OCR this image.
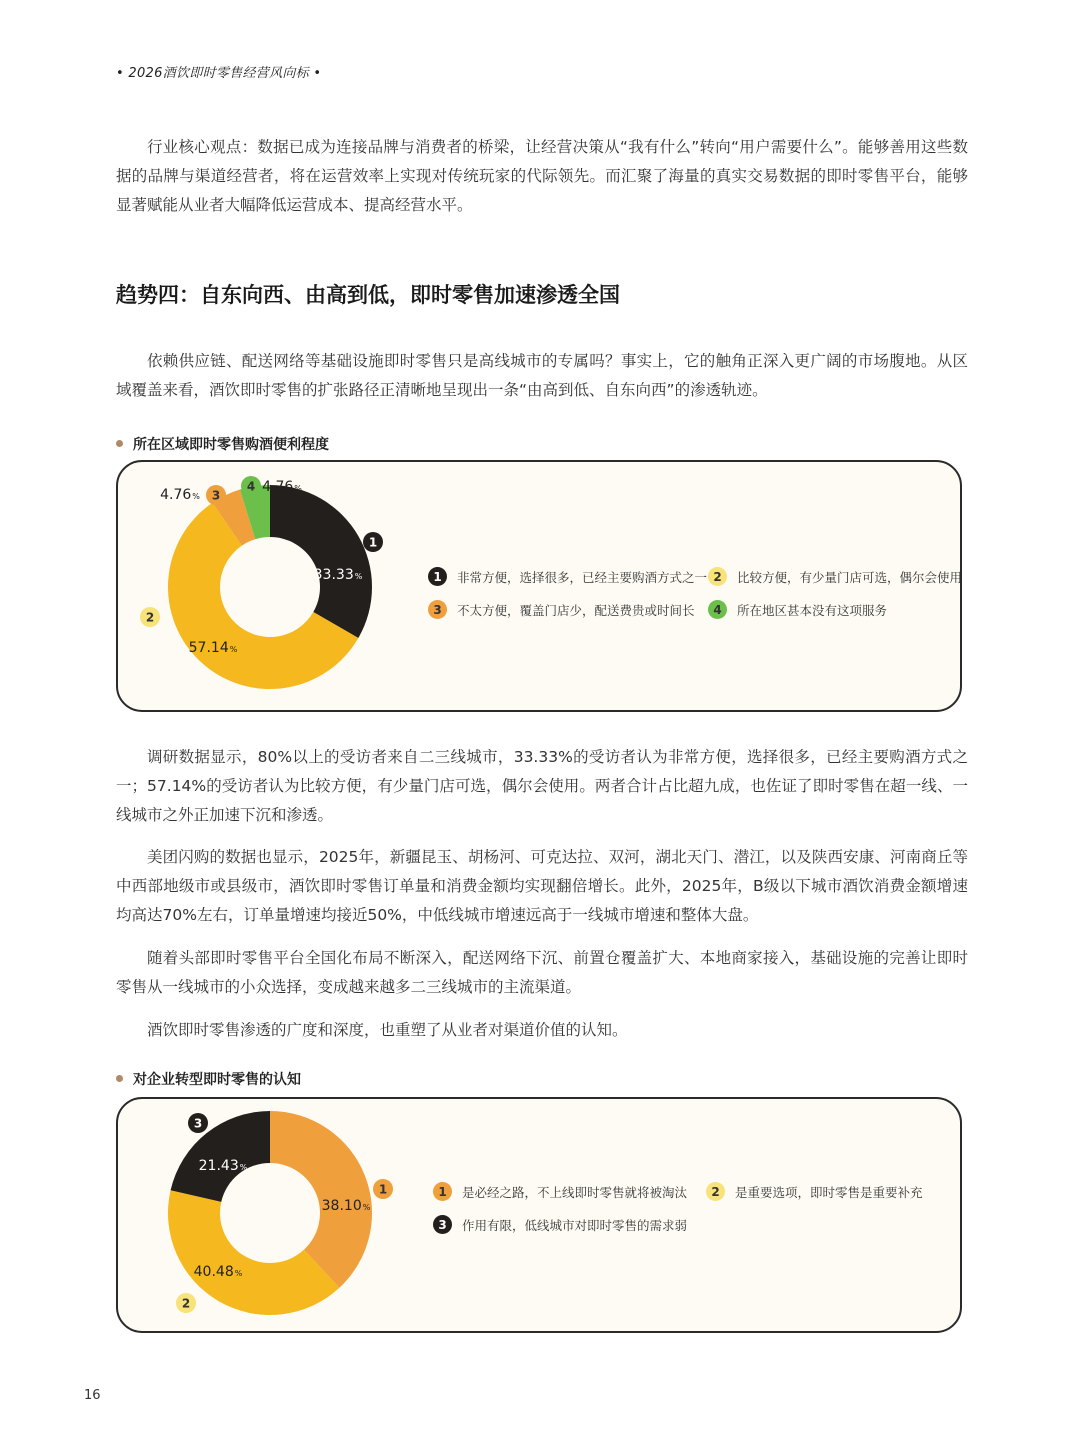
• 2026酒饮即时零售经营风向标 •

行业核心观点：数据已成为连接品牌与消费者的桥梁，让经营决策从“我有什么”转向“用户需要什么”。能够善用这些数据的品牌与渠道经营者，将在运营效率上实现对传统玩家的代际领先。而汇聚了海量的真实交易数据的即时零售平台，能够显著赋能从业者大幅降低运营成本、提高经营水平。

趋势四：自东向西、由高到低，即时零售加速渗透全国

依赖供应链、配送网络等基础设施即时零售只是高线城市的专属吗？事实上，它的触角正深入更广阔的市场腹地。从区域覆盖来看，酒饮即时零售的扩张路径正清晰地呈现出一条“由高到低、自东向西”的渗透轨迹。

所在区域即时零售购酒便利程度
33.33%
1
57.14%
2
4.76% 3
4.76%
4
1	非常方便，选择很多，已经主要购酒方式之一 2	比较方便，有少量门店可选，偶尔会使用
3	不太方便，覆盖门店少，配送费贵或时间长	4	所在地区甚本没有这项服务

调研数据显示，80%以上的受访者来自二三线城市，33.33%的受访者认为非常方便，选择很多，已经主要购酒方式之一；57.14%的受访者认为比较方便，有少量门店可选，偶尔会使用。两者合计占比超九成，也佐证了即时零售在超一线、一线城市之外正加速下沉和渗透。

美团闪购的数据也显示，2025年，新疆昆玉、胡杨河、可克达拉、双河，湖北天门、潜江，以及陕西安康、河南商丘等中西部地级市或县级市，酒饮即时零售订单量和消费金额均实现翻倍增长。此外，2025年，B级以下城市酒饮消费金额增速均高达70%左右，订单量增速均接近50%，中低线城市增速远高于一线城市增速和整体大盘。

随着头部即时零售平台全国化布局不断深入，配送网络下沉、前置仓覆盖扩大、本地商家接入，基础设施的完善让即时零售从一线城市的小众选择，变成越来越多二三线城市的主流渠道。

酒饮即时零售渗透的广度和深度，也重塑了从业者对渠道价值的认知。

对企业转型即时零售的认知
38.10%
1
40.48%
2
21.43%
3
1	是必经之路，不上线即时零售就将被淘汰	2	是重要选项，即时零售是重要补充
3	作用有限，低线城市对即时零售的需求弱
16
